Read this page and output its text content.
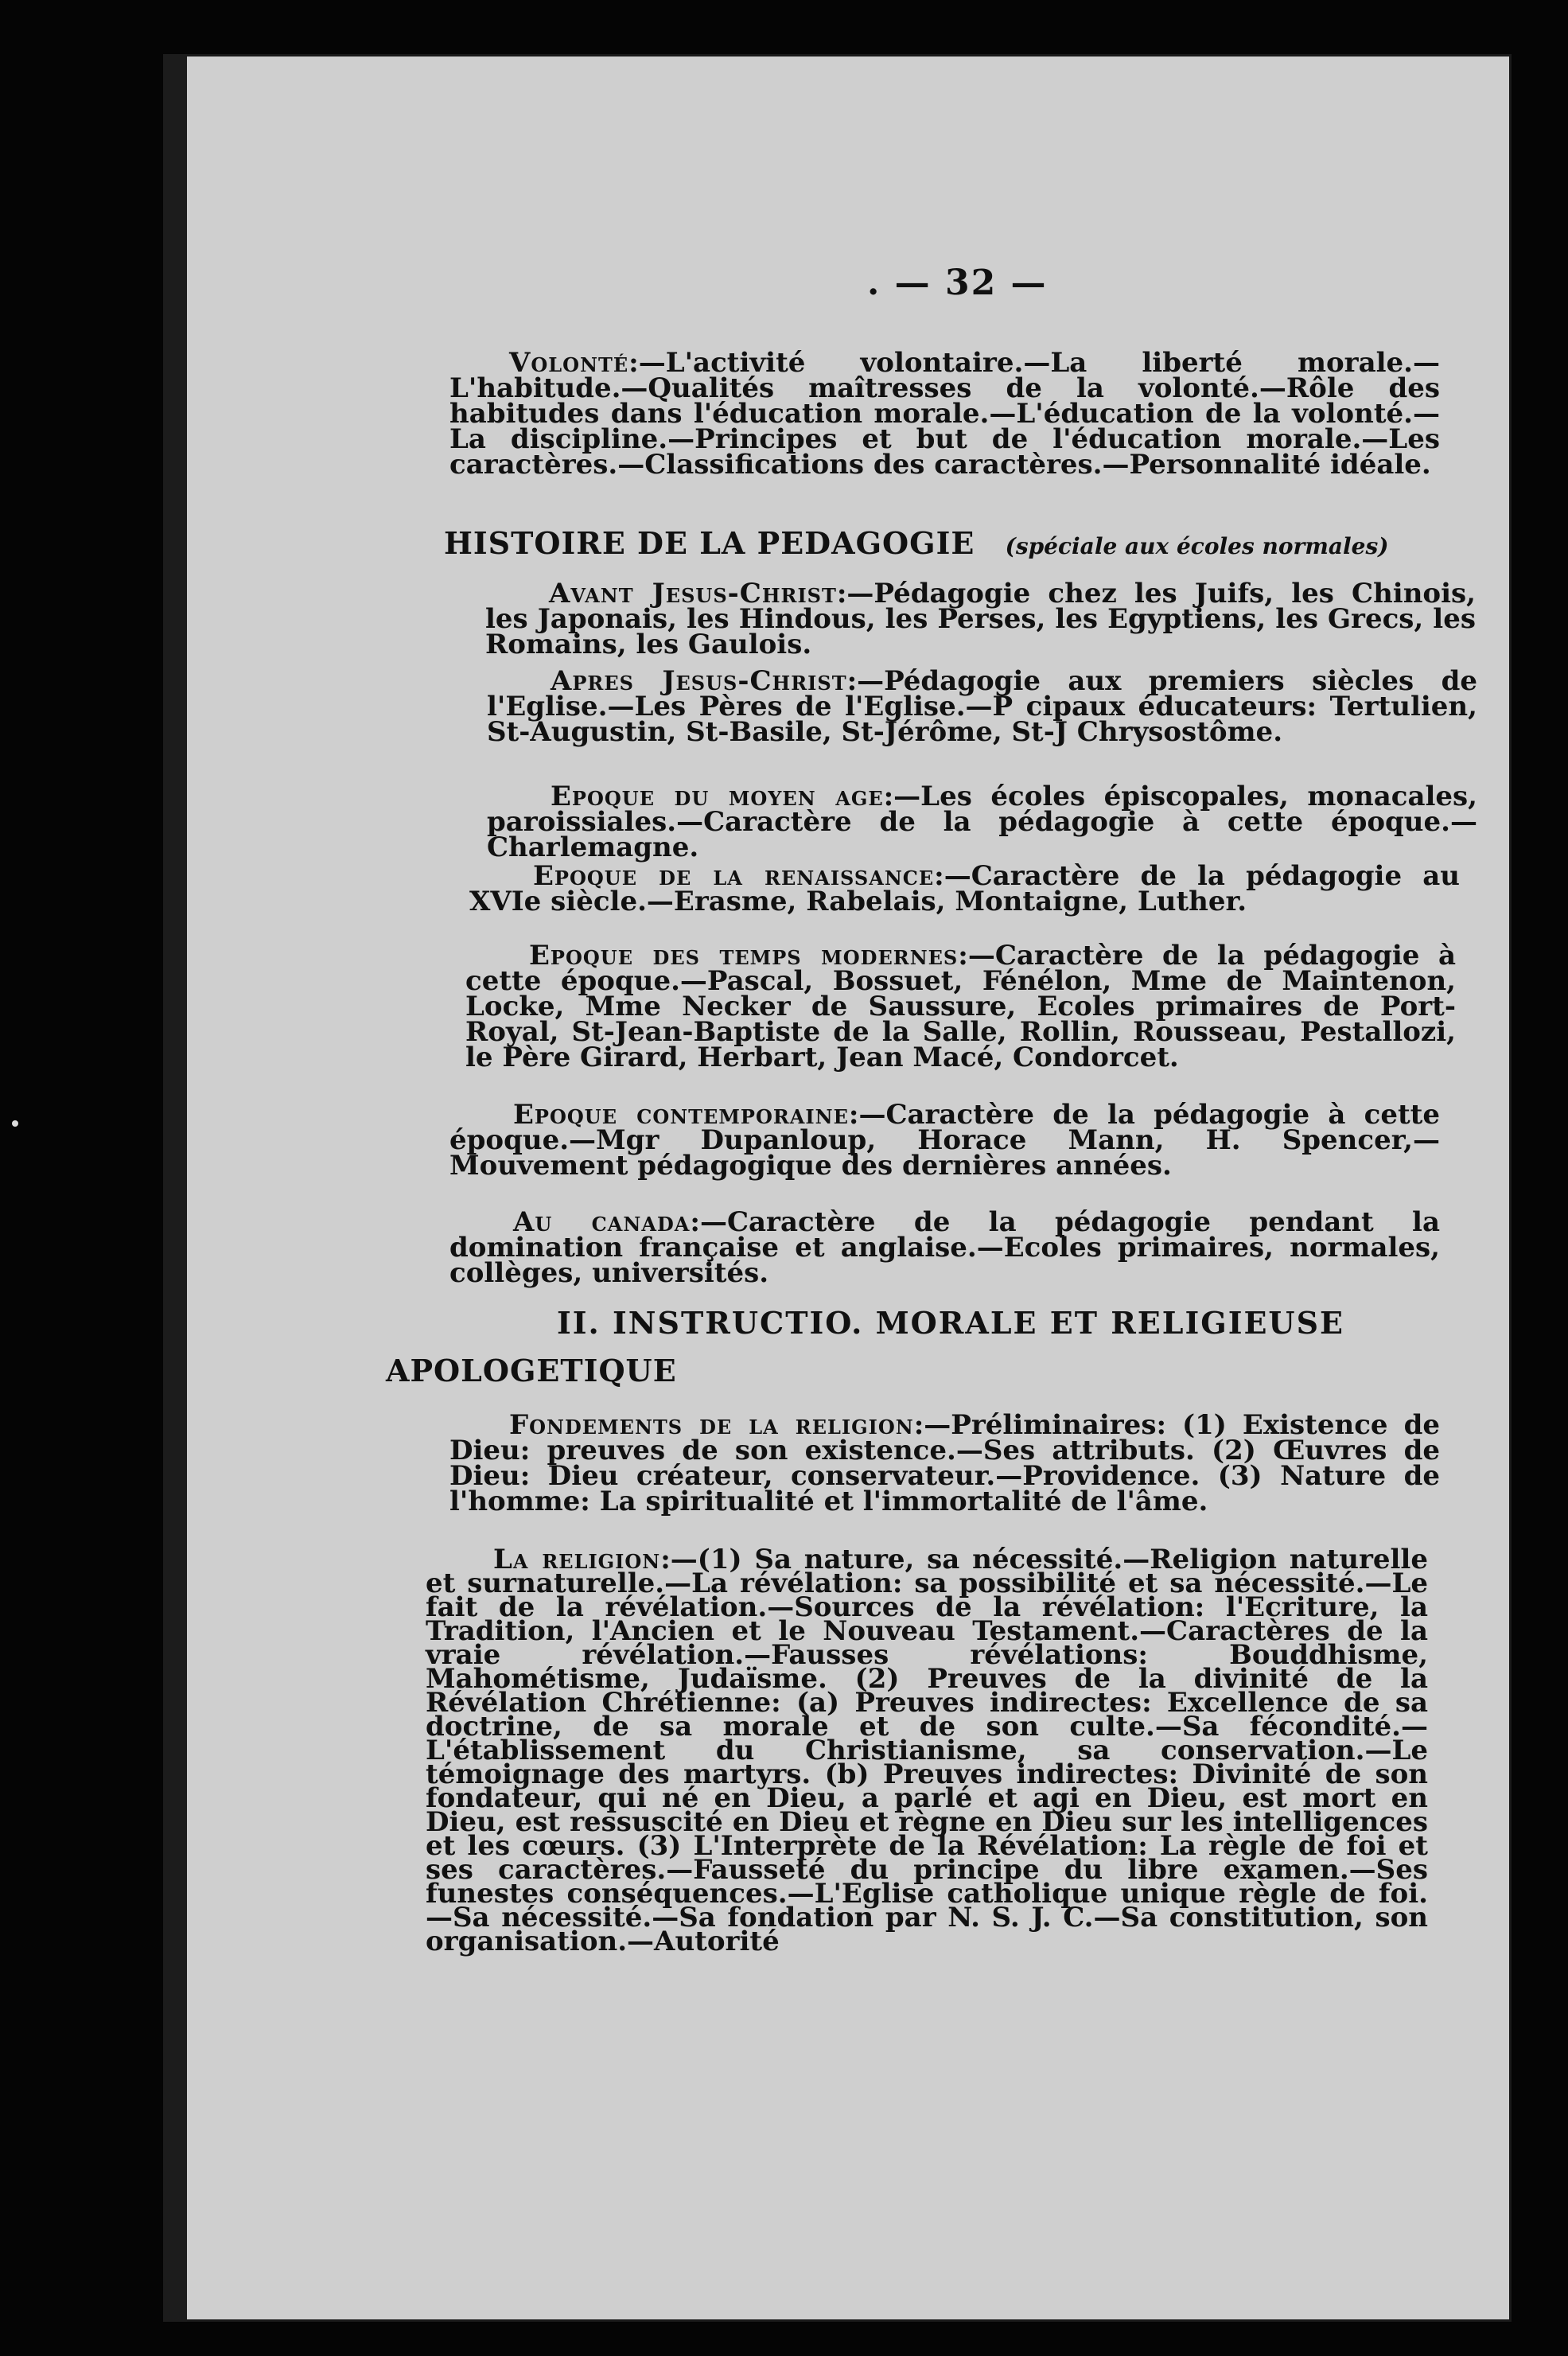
. — 32 —
Volonté:—L'activité volontaire.—La liberté morale.—L'habitude.—Qualités maîtresses de la volonté.—Rôle des habitudes dans l'éducation morale.—L'éducation de la volonté.—La discipline.—Principes et but de l'éducation morale.—Les caractères.—Classifications des caractères.—Personnalité idéale.
HISTOIRE DE LA PEDAGOGIE (spéciale aux écoles normales)
Avant Jesus-Christ:—Pédagogie chez les Juifs, les Chinois, les Japonais, les Hindous, les Perses, les Egyptiens, les Grecs, les Romains, les Gaulois.
Apres Jesus-Christ:—Pédagogie aux premiers siècles de l'Eglise.—Les Pères de l'Eglise.—P cipaux éducateurs: Tertulien, St-Augustin, St-Basile, St-Jérôme, St-J Chrysostôme.
Epoque du moyen age:—Les écoles épiscopales, monacales, paroissiales.—Caractère de la pédagogie à cette époque.—Charlemagne.
Epoque de la renaissance:—Caractère de la pédagogie au XVIe siècle.—Erasme, Rabelais, Montaigne, Luther.
Epoque des temps modernes:—Caractère de la pédagogie à cette époque.—Pascal, Bossuet, Fénélon, Mme de Maintenon, Locke, Mme Necker de Saussure, Ecoles primaires de Port-Royal, St-Jean-Baptiste de la Salle, Rollin, Rousseau, Pestallozi, le Père Girard, Herbart, Jean Macé, Condorcet.
Epoque contemporaine:—Caractère de la pédagogie à cette époque.—Mgr Dupanloup, Horace Mann, H. Spencer,—Mouvement pédagogique des dernières années.
Au canada:—Caractère de la pédagogie pendant la domination française et anglaise.—Ecoles primaires, normales, collèges, universités.
II. INSTRUCTIO. MORALE ET RELIGIEUSE
APOLOGETIQUE
Fondements de la religion:—Préliminaires: (1) Existence de Dieu: preuves de son existence.—Ses attributs. (2) Œuvres de Dieu: Dieu créateur, conservateur.—Providence. (3) Nature de l'homme: La spiritualité et l'immortalité de l'âme.
La religion:—(1) Sa nature, sa nécessité.—Religion naturelle et surnaturelle.—La révélation: sa possibilité et sa nécessité.—Le fait de la révélation.—Sources de la révélation: l'Ecriture, la Tradition, l'Ancien et le Nouveau Testament.—Caractères de la vraie révélation.—Fausses révélations: Bouddhisme, Mahométisme, Judaïsme. (2) Preuves de la divinité de la Révélation Chrétienne: (a) Preuves indirectes: Excellence de sa doctrine, de sa morale et de son culte.—Sa fécondité.—L'établissement du Christianisme, sa conservation.—Le témoignage des martyrs. (b) Preuves indirectes: Divinité de son fondateur, qui né en Dieu, a parlé et agi en Dieu, est mort en Dieu, est ressuscité en Dieu et règne en Dieu sur les intelligences et les cœurs. (3) L'Interprète de la Révélation: La règle de foi et ses caractères.—Fausseté du principe du libre examen.—Ses funestes conséquences.—L'Eglise catholique unique règle de foi.—Sa nécessité.—Sa fondation par N. S. J. C.—Sa constitution, son organisation.—Autorité
